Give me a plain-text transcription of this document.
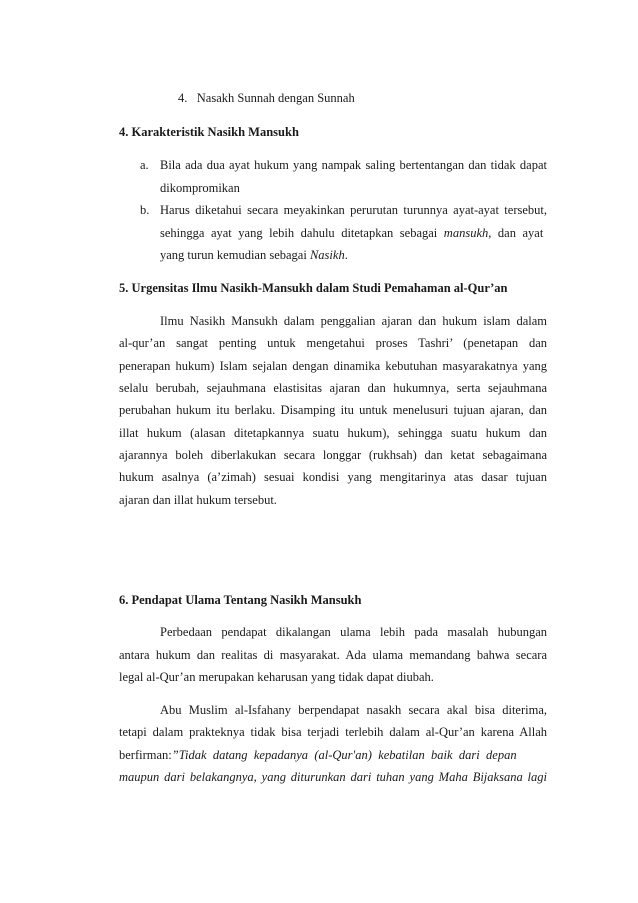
4. Nasakh Sunnah dengan Sunnah
4. Karakteristik Nasikh Mansukh
a. Bila ada dua ayat hukum yang nampak saling bertentangan dan tidak dapat
dikompromikan
b. Harus diketahui secara meyakinkan perurutan turunnya ayat-ayat tersebut,
sehingga ayat yang lebih dahulu ditetapkan sebagai mansukh, dan ayat
yang turun kemudian sebagai Nasikh.
5. Urgensitas Ilmu Nasikh-Mansukh dalam Studi Pemahaman al-Qur’an
Ilmu Nasikh Mansukh dalam penggalian ajaran dan hukum islam dalam
al-qur’an sangat penting untuk mengetahui proses Tashri’ (penetapan dan
penerapan hukum) Islam sejalan dengan dinamika kebutuhan masyarakatnya yang
selalu berubah, sejauhmana elastisitas ajaran dan hukumnya, serta sejauhmana
perubahan hukum itu berlaku. Disamping itu untuk menelusuri tujuan ajaran, dan
illat hukum (alasan ditetapkannya suatu hukum), sehingga suatu hukum dan
ajarannya boleh diberlakukan secara longgar (rukhsah) dan ketat sebagaimana
hukum asalnya (a’zimah) sesuai kondisi yang mengitarinya atas dasar tujuan
ajaran dan illat hukum tersebut.
6. Pendapat Ulama Tentang Nasikh Mansukh
Perbedaan pendapat dikalangan ulama lebih pada masalah hubungan
antara hukum dan realitas di masyarakat. Ada ulama memandang bahwa secara
legal al-Qur’an merupakan keharusan yang tidak dapat diubah.
Abu Muslim al-Isfahany berpendapat nasakh secara akal bisa diterima,
tetapi dalam prakteknya tidak bisa terjadi terlebih dalam al-Qur’an karena Allah
berfirman:”Tidak datang kepadanya (al-Qur'an) kebatilan baik dari depan
maupun dari belakangnya, yang diturunkan dari tuhan yang Maha Bijaksana lagi
